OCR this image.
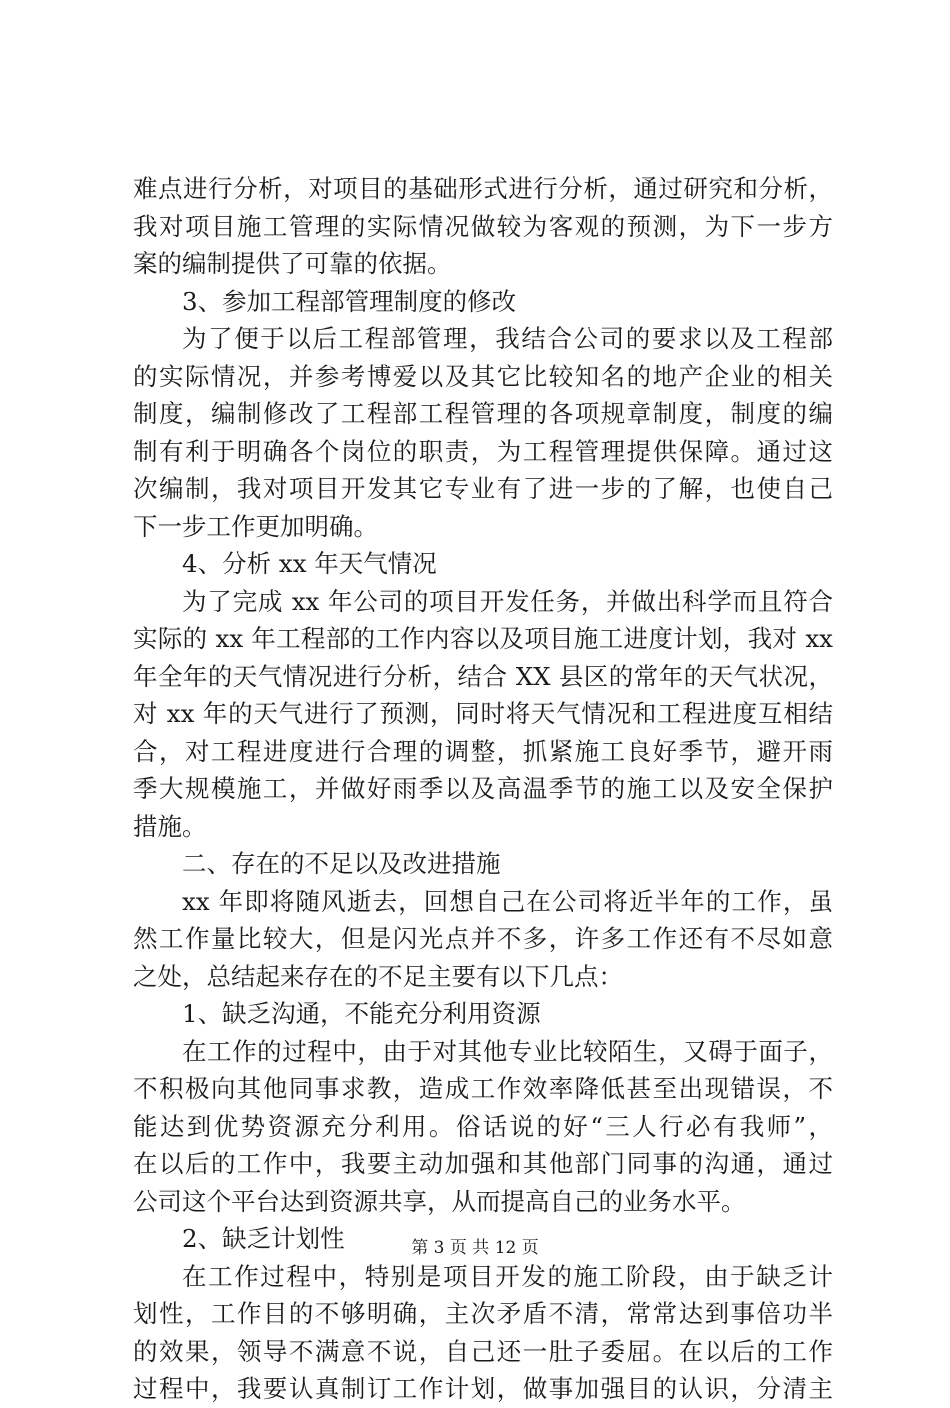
难点进行分析，对项目的基础形式进行分析，通过研究和分析，
我对项目施工管理的实际情况做较为客观的预测，为下一步方
案的编制提供了可靠的依据。
3、参加工程部管理制度的修改
为了便于以后工程部管理，我结合公司的要求以及工程部
的实际情况，并参考博爱以及其它比较知名的地产企业的相关
制度，编制修改了工程部工程管理的各项规章制度，制度的编
制有利于明确各个岗位的职责，为工程管理提供保障。通过这
次编制，我对项目开发其它专业有了进一步的了解，也使自己
下一步工作更加明确。
4、分析 xx 年天气情况
为了完成 xx 年公司的项目开发任务，并做出科学而且符合
实际的 xx 年工程部的工作内容以及项目施工进度计划，我对 xx
年全年的天气情况进行分析，结合 XX 县区的常年的天气状况，
对 xx 年的天气进行了预测，同时将天气情况和工程进度互相结
合，对工程进度进行合理的调整，抓紧施工良好季节，避开雨
季大规模施工，并做好雨季以及高温季节的施工以及安全保护
措施。
二、存在的不足以及改进措施
xx 年即将随风逝去，回想自己在公司将近半年的工作，虽
然工作量比较大，但是闪光点并不多，许多工作还有不尽如意
之处，总结起来存在的不足主要有以下几点：
1、缺乏沟通，不能充分利用资源
在工作的过程中，由于对其他专业比较陌生，又碍于面子，
不积极向其他同事求教，造成工作效率降低甚至出现错误，不
能达到优势资源充分利用。俗话说的好“三人行必有我师”，
在以后的工作中，我要主动加强和其他部门同事的沟通，通过
公司这个平台达到资源共享，从而提高自己的业务水平。
2、缺乏计划性
在工作过程中，特别是项目开发的施工阶段，由于缺乏计
划性，工作目的不够明确，主次矛盾不清，常常达到事倍功半
的效果，领导不满意不说，自己还一肚子委屈。在以后的工作
过程中，我要认真制订工作计划，做事加强目的认识，分清主
第 3 页 共 12 页
